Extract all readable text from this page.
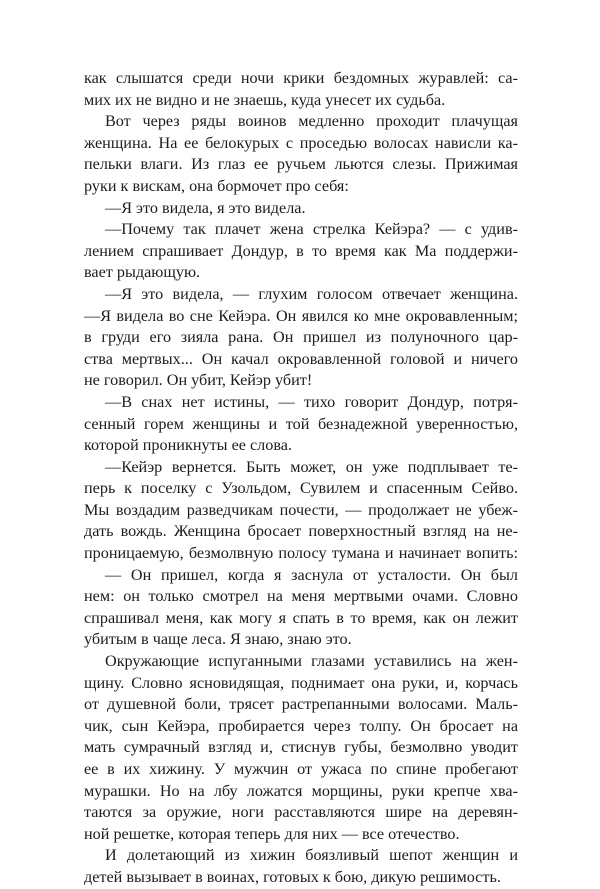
как слышатся среди ночи крики бездомных журавлей: са-
мих их не видно и не знаешь, куда унесет их судьба.
Вот через ряды воинов медленно проходит плачущая
женщина. На ее белокурых с проседью волосах нависли ка-
пельки влаги. Из глаз ее ручьем льются слезы. Прижимая
руки к вискам, она бормочет про себя:
—Я это видела, я это видела.
—Почему так плачет жена стрелка Кейэра? — с удив-
лением спрашивает Дондур, в то время как Ма поддержи-
вает рыдающую.
—Я это видела, — глухим голосом отвечает женщина.
—Я видела во сне Кейэра. Он явился ко мне окровавленным;
в груди его зияла рана. Он пришел из полуночного цар-
ства мертвых... Он качал окровавленной головой и ничего
не говорил. Он убит, Кейэр убит!
—В снах нет истины, — тихо говорит Дондур, потря-
сенный горем женщины и той безнадежной уверенностью,
которой проникнуты ее слова.
—Кейэр вернется. Быть может, он уже подплывает те-
перь к поселку с Узольдом, Сувилем и спасенным Сейво.
Мы воздадим разведчикам почести, — продолжает не убеж-
дать вождь. Женщина бросает поверхностный взгляд на не-
проницаемую, безмолвную полосу тумана и начинает вопить:
— Он пришел, когда я заснула от усталости. Он был
нем: он только смотрел на меня мертвыми очами. Словно
спрашивал меня, как могу я спать в то время, как он лежит
убитым в чаще леса. Я знаю, знаю это.
Окружающие испуганными глазами уставились на жен-
щину. Словно ясновидящая, поднимает она руки, и, корчась
от душевной боли, трясет растрепанными волосами. Маль-
чик, сын Кейэра, пробирается через толпу. Он бросает на
мать сумрачный взгляд и, стиснув губы, безмолвно уводит
ее в их хижину. У мужчин от ужаса по спине пробегают
мурашки. Но на лбу ложатся морщины, руки крепче хва-
таются за оружие, ноги расставляются шире на деревян-
ной решетке, которая теперь для них — все отечество.
И долетающий из хижин боязливый шепот женщин и
детей вызывает в воинах, готовых к бою, дикую решимость.
